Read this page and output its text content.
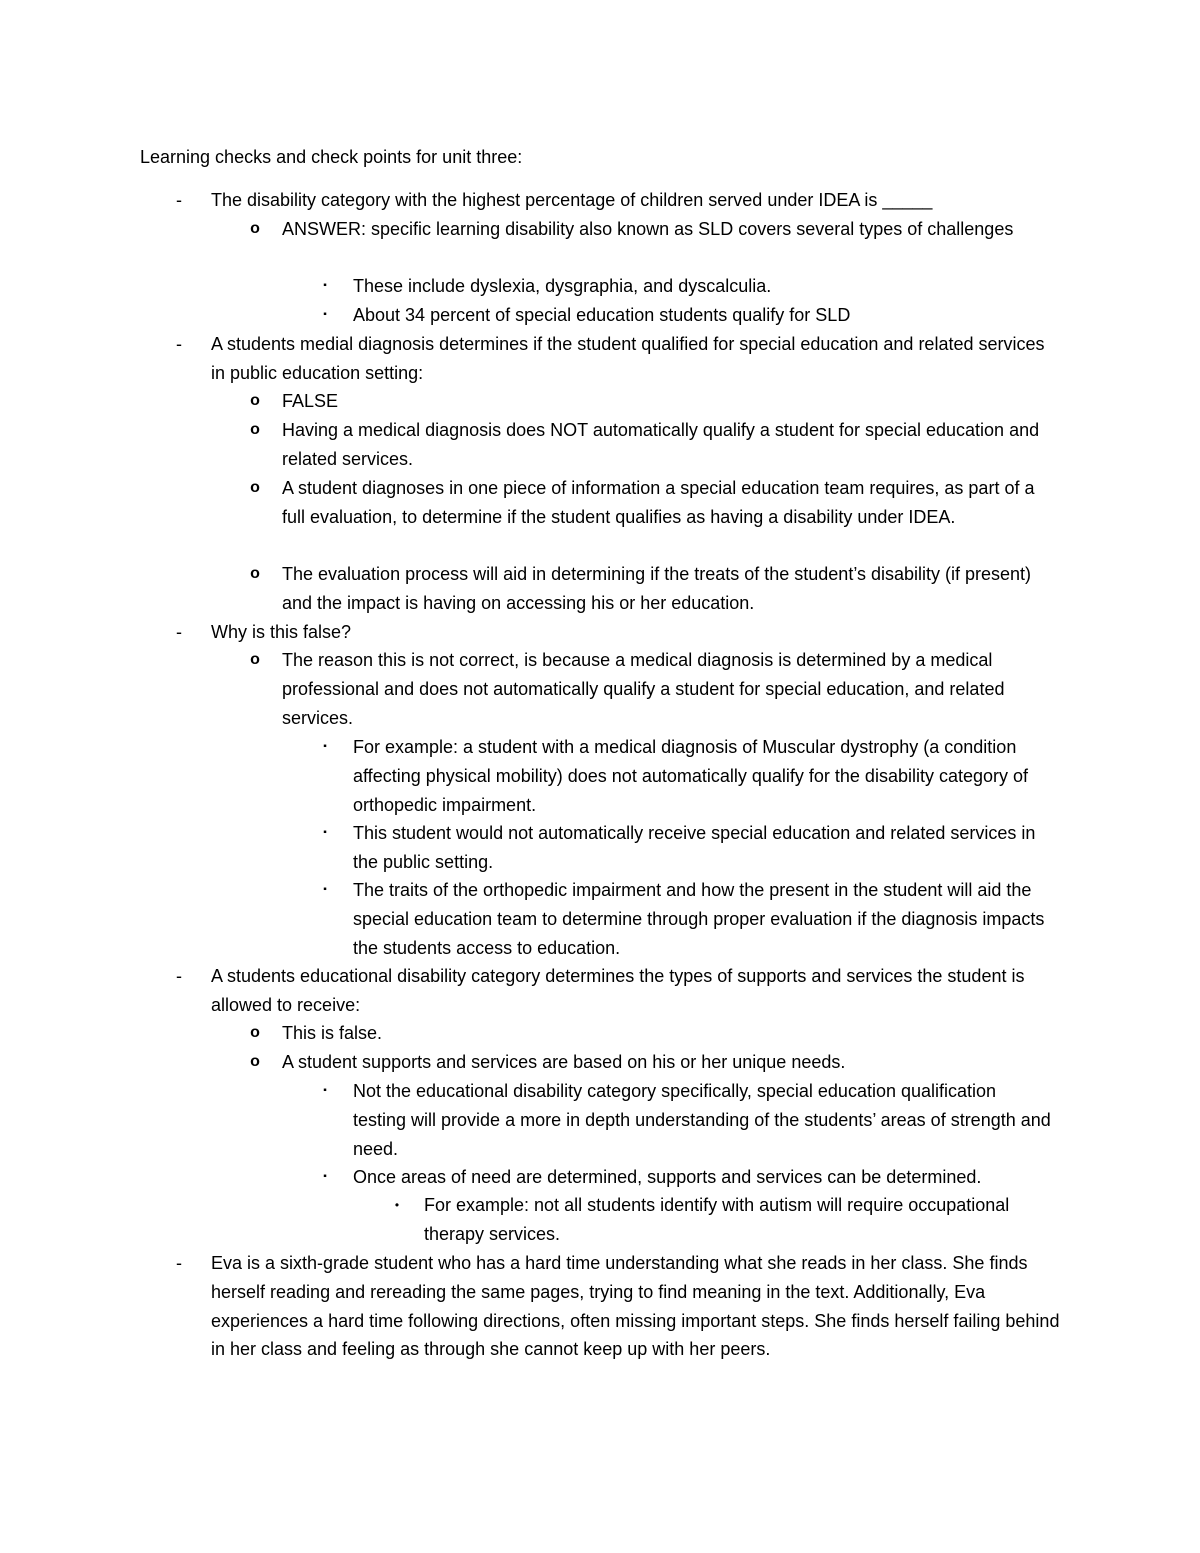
Learning checks and check points for unit three:
- The disability category with the highest percentage of children served under IDEA is _____

o ANSWER: specific learning disability also known as SLD covers several types of challenges

▪ These include dyslexia, dysgraphia, and dyscalculia.

▪ About 34 percent of special education students qualify for SLD

- A students medial diagnosis determines if the student qualified for special education and related services in public education setting:

o FALSE

o Having a medical diagnosis does NOT automatically qualify a student for special education and related services.

o A student diagnoses in one piece of information a special education team requires, as part of a full evaluation, to determine if the student qualifies as having a disability under IDEA.

o The evaluation process will aid in determining if the treats of the student’s disability (if present) and the impact is having on accessing his or her education.

- Why is this false?

o The reason this is not correct, is because a medical diagnosis is determined by a medical professional and does not automatically qualify a student for special education, and related services.

▪ For example: a student with a medical diagnosis of Muscular dystrophy (a condition affecting physical mobility) does not automatically qualify for the disability category of orthopedic impairment.

▪ This student would not automatically receive special education and related services in the public setting.

▪ The traits of the orthopedic impairment and how the present in the student will aid the special education team to determine through proper evaluation if the diagnosis impacts the students access to education.

- A students educational disability category determines the types of supports and services the student is allowed to receive:

o This is false.

o A student supports and services are based on his or her unique needs.

▪ Not the educational disability category specifically, special education qualification testing will provide a more in depth understanding of the students’ areas of strength and need.

▪ Once areas of need are determined, supports and services can be determined.

• For example: not all students identify with autism will require occupational therapy services.

- Eva is a sixth-grade student who has a hard time understanding what she reads in her class. She finds herself reading and rereading the same pages, trying to find meaning in the text. Additionally, Eva experiences a hard time following directions, often missing important steps. She finds herself failing behind in her class and feeling as through she cannot keep up with her peers.
